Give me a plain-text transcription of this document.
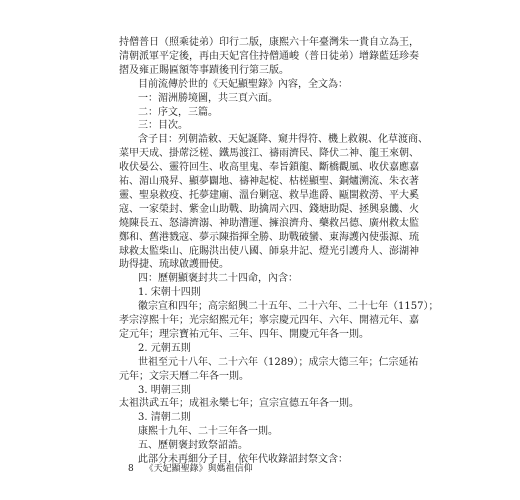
持僧普日（照乘徒弟）印行二版，康熙六十年臺灣朱一貴自立為王，
清朝派軍平定後，再由天妃宮住持僧通峻（普日徒弟）增錄藍廷珍奏
摺及雍正賜匾額等事蹟後刊行第三版。
目前流傳於世的《天妃顯聖錄》內容，全文為：
一：湄洲勝境圖，共三頁六面。
二：序文，三篇。
三：目次。
含子目：列朝誥敕、天妃誕降、窺井得符、機上救親、化草渡商、
菜甲天成、掛蓆泛槎、鐵馬渡江、禱雨濟民、降伏二神、龍王來朝、
收伏晏公、靈符回生、收高里鬼、奉旨鎖龍、斷橋觀風、收伏嘉應嘉
祐、湄山飛昇、顯夢闢地、禱神起椗、枯槎顯聖、銅爐溯流、朱衣著
靈、聖泉救疫、托夢建廟、溫台剿寇、救旱進爵、甌閩救澇、平大奚
寇、一家榮封、紫金山助戰、助擒周六四、錢塘助隄、拯興泉饑、火
燒陳長五、怒濤濟溺、神助漕運、擁浪濟舟、藥救呂德、廣州救太監
鄭和、舊港戮寇、夢示陳指揮全勝、助戰破蠻、東海護內使張源、琉
球救太監柴山、庇賜洪出使八國、師泉井記、燈光引護舟人、澎湖神
助得捷、琉球啟護冊使。
四：歷朝顯褒封共二十四命，內含：
1. 宋朝十四則
徽宗宣和四年；高宗紹興二十五年、二十六年、二十七年（1157）；
孝宗淳熙十年；光宗紹熙元年；寧宗慶元四年、六年、開禧元年、嘉
定元年；理宗寶祐元年、三年、四年、開慶元年各一則。
2. 元朝五則
世祖至元十八年、二十六年（1289）；成宗大德三年；仁宗延祐
元年；文宗天曆二年各一則。
3. 明朝三則
太祖洪武五年；成祖永樂七年；宣宗宣德五年各一則。
3. 清朝二則
康熙十九年、二十三年各一則。
五、歷朝褒封致祭詔誥。
此部分未再細分子目，依年代收錄詔封祭文含：
8 《天妃顯聖錄》與媽祖信仰
